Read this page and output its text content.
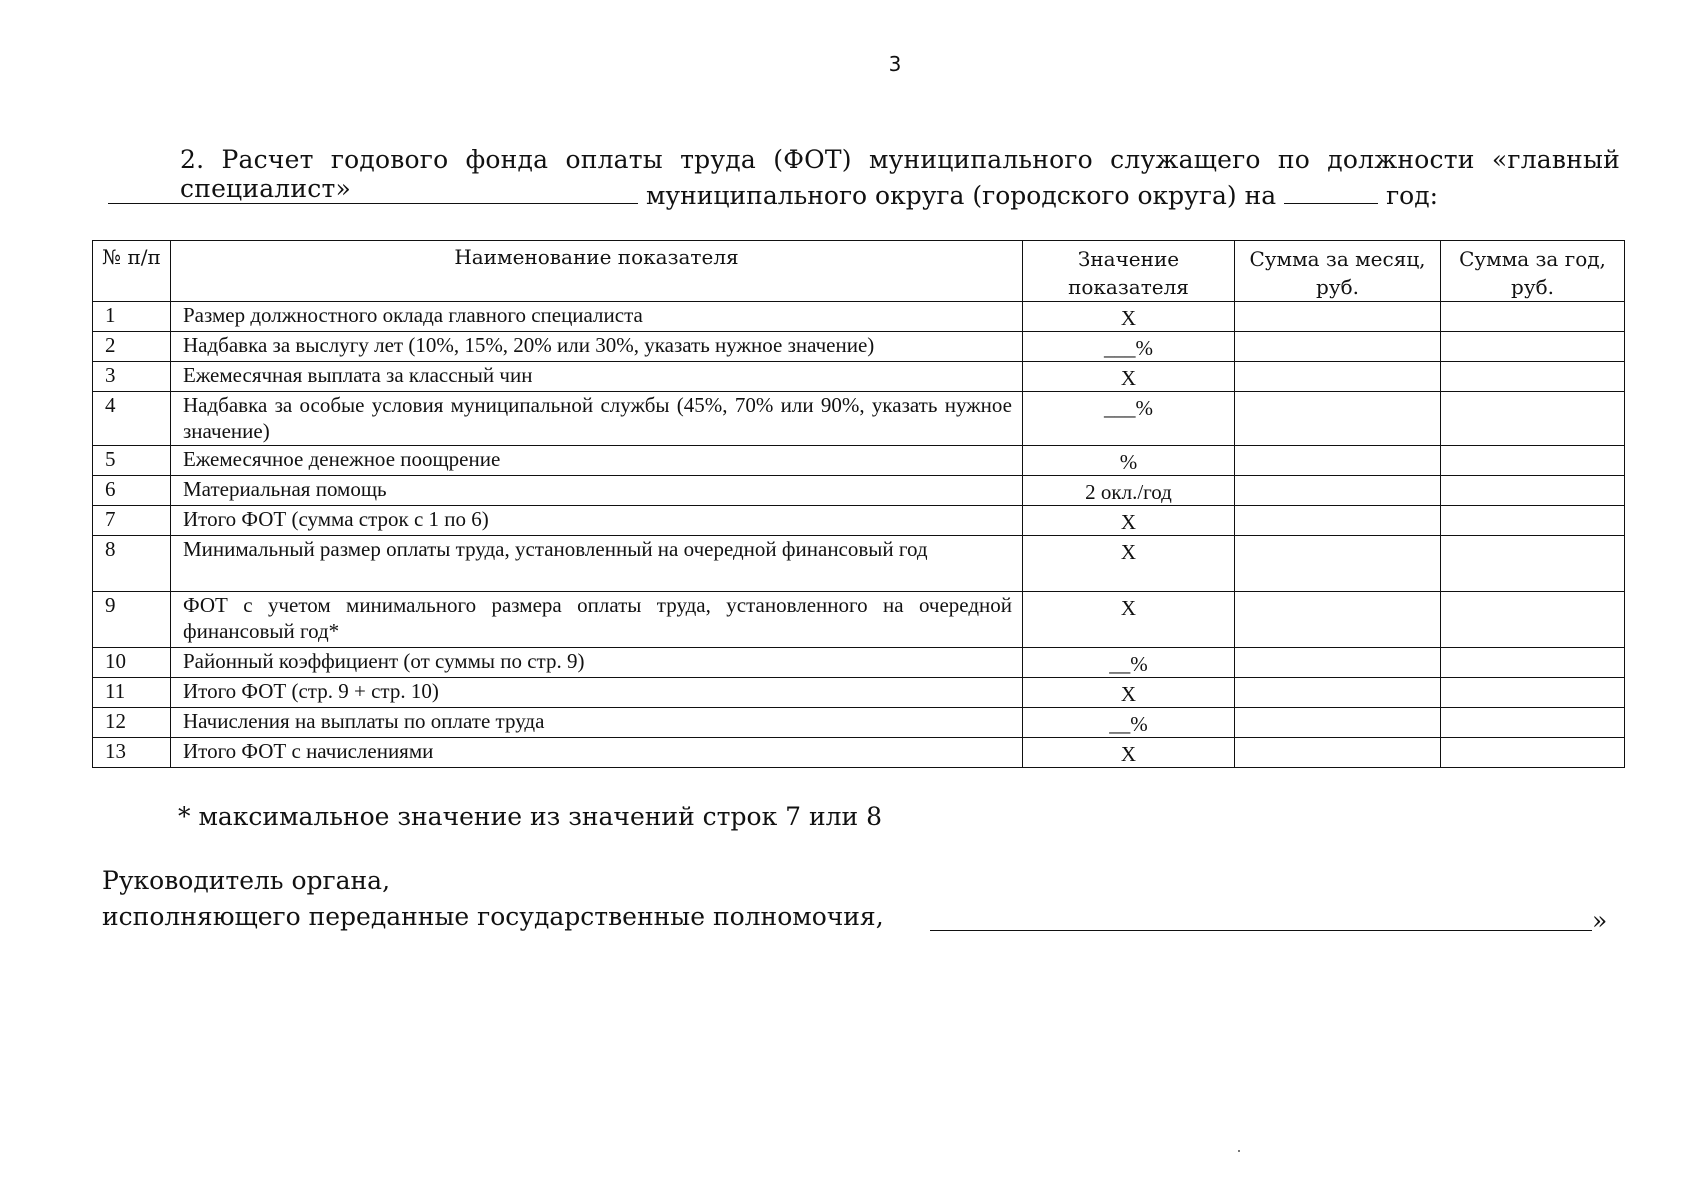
3
2. Расчет годового фонда оплаты труда (ФОТ) муниципального служащего по должности «главный специалист»	муниципального округа (городского округа) на	год:
№ п/п	Наименование показателя	Значение показателя	Сумма за месяц, руб.	Сумма за год, руб.
1	Размер должностного оклада главного специалиста	Х		
2	Надбавка за выслугу лет (10%, 15%, 20% или 30%, указать нужное значение)	___%		
3	Ежемесячная выплата за классный чин	Х		
4	Надбавка за особые условия муниципальной службы (45%, 70% или 90%, указать нужное значение)	___%		
5	Ежемесячное денежное поощрение	%		
6	Материальная помощь	2 окл./год		
7	Итого ФОТ (сумма строк с 1 по 6)	Х		
8	Минимальный размер оплаты труда, установленный на очередной финансовый год	Х		
9	ФОТ с учетом минимального размера оплаты труда, установленного на очередной финансовый год*	Х		
10	Районный коэффициент (от суммы по стр. 9)	__%		
11	Итого ФОТ (стр. 9 + стр. 10)	Х		
12	Начисления на выплаты по оплате труда	__%		
13	Итого ФОТ с начислениями	Х		
* максимальное значение из значений строк 7 или 8
Руководитель органа,
исполняющего переданные государственные полномочия,	»
